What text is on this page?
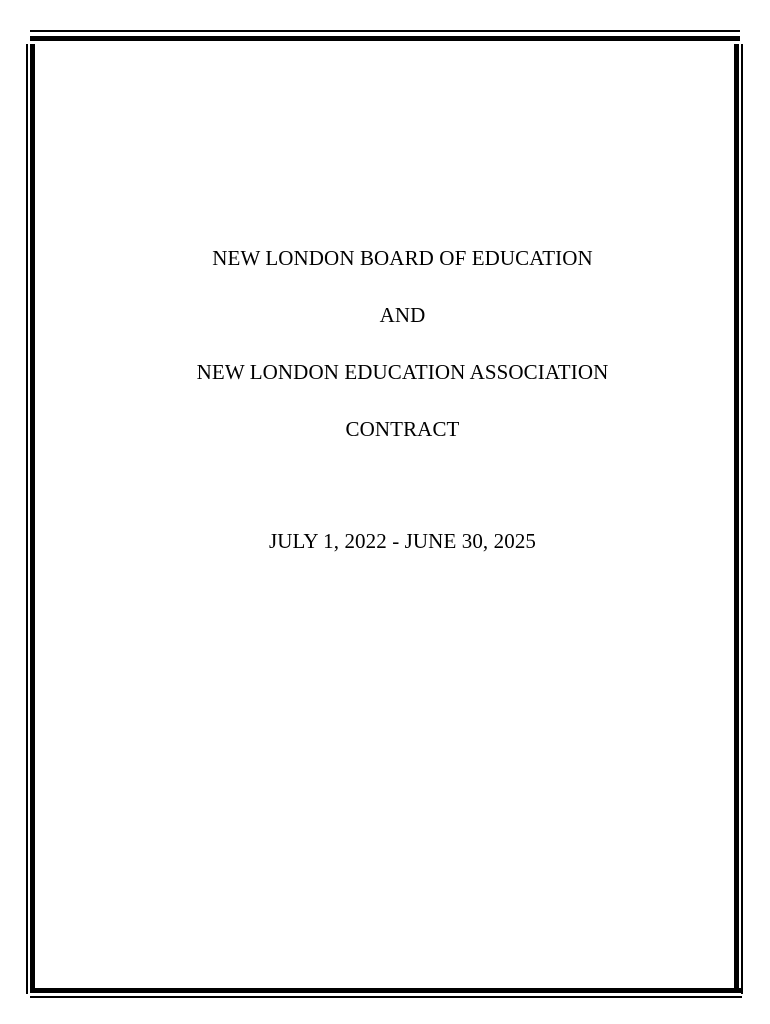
NEW LONDON BOARD OF EDUCATION
AND
NEW LONDON EDUCATION ASSOCIATION
CONTRACT
JULY 1, 2022 - JUNE 30, 2025
